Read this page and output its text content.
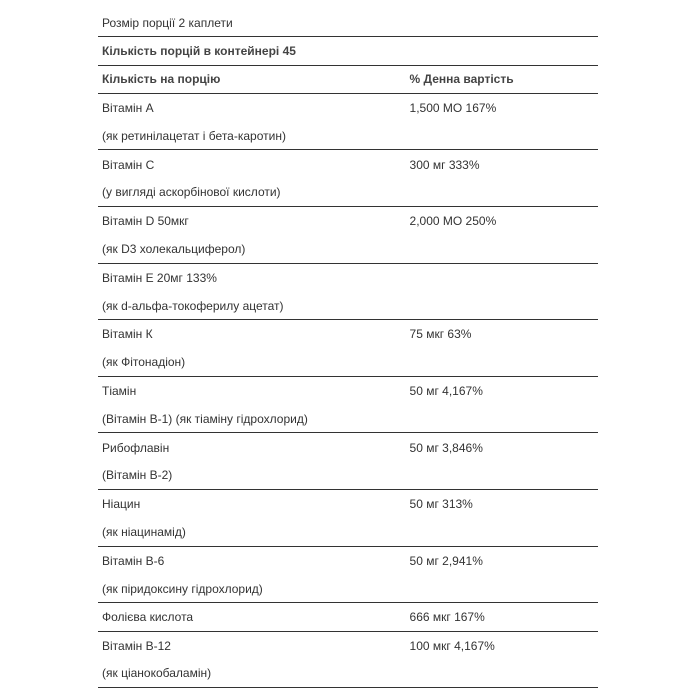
Розмір порції 2 каплети
Кількість порцій в контейнері 45
Кількість на порцію	% Денна вартість
Вітамін А	1,500 МО 167%
(як ретинілацетат і бета-каротин)
Вітамін С	300 мг 333%
(у вигляді аскорбінової кислоти)
Вітамін D 50мкг	2,000 МО 250%
(як D3 холекальциферол)
Вітамін Е 20мг 133%
(як d-альфа-токоферилу ацетат)
Вітамін К	75 мкг 63%
(як Фітонадіон)
Тіамін	50 мг 4,167%
(Вітамін В-1) (як тіаміну гідрохлорид)
Рибофлавін	50 мг 3,846%
(Вітамін В-2)
Ніацин	50 мг 313%
(як ніацинамід)
Вітамін В-6	50 мг 2,941%
(як піридоксину гідрохлорид)
Фолієва кислота	666 мкг 167%
Вітамін В-12	100 мкг 4,167%
(як ціанокобаламін)
